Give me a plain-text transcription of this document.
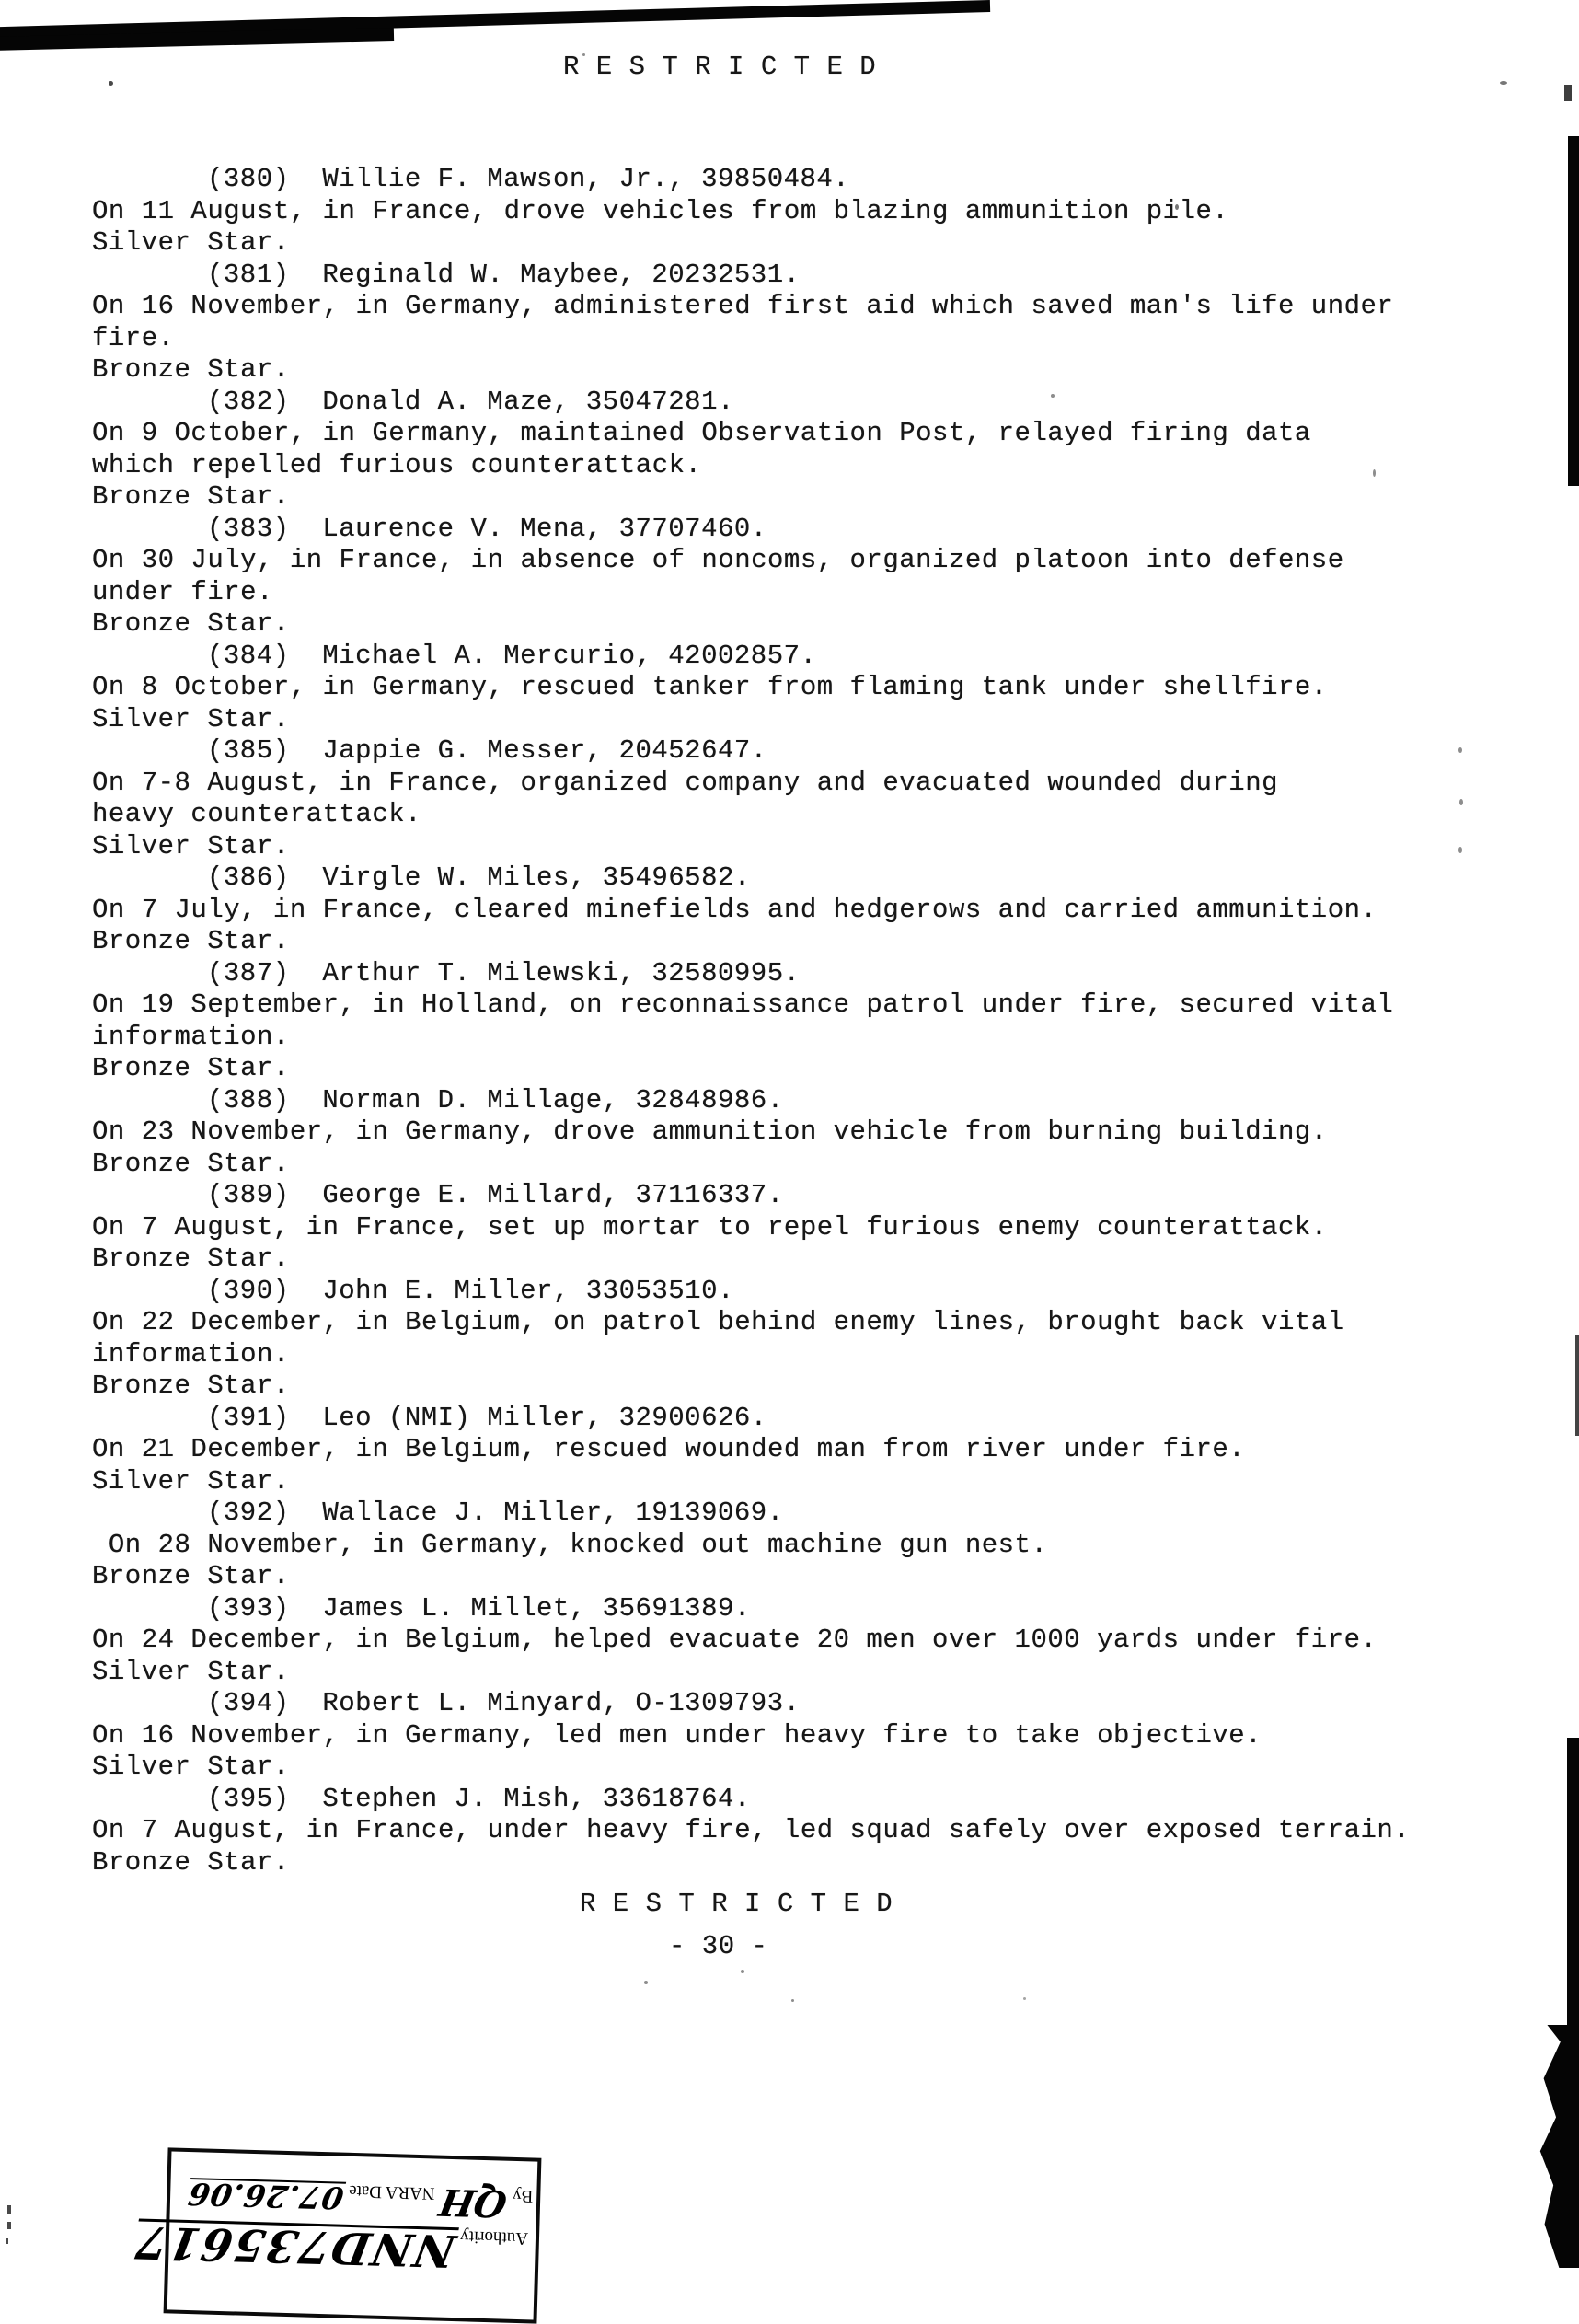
R E S T R I C T E D
(380)  Willie F. Mawson, Jr., 39850484.
On 11 August, in France, drove vehicles from blazing ammunition pile.
Silver Star.
(381)  Reginald W. Maybee, 20232531.
On 16 November, in Germany, administered first aid which saved man's life under
fire.
Bronze Star.
(382)  Donald A. Maze, 35047281.
On 9 October, in Germany, maintained Observation Post, relayed firing data
which repelled furious counterattack.
Bronze Star.
(383)  Laurence V. Mena, 37707460.
On 30 July, in France, in absence of noncoms, organized platoon into defense
under fire.
Bronze Star.
(384)  Michael A. Mercurio, 42002857.
On 8 October, in Germany, rescued tanker from flaming tank under shellfire.
Silver Star.
(385)  Jappie G. Messer, 20452647.
On 7-8 August, in France, organized company and evacuated wounded during
heavy counterattack.
Silver Star.
(386)  Virgle W. Miles, 35496582.
On 7 July, in France, cleared minefields and hedgerows and carried ammunition.
Bronze Star.
(387)  Arthur T. Milewski, 32580995.
On 19 September, in Holland, on reconnaissance patrol under fire, secured vital
information.
Bronze Star.
(388)  Norman D. Millage, 32848986.
On 23 November, in Germany, drove ammunition vehicle from burning building.
Bronze Star.
(389)  George E. Millard, 37116337.
On 7 August, in France, set up mortar to repel furious enemy counterattack.
Bronze Star.
(390)  John E. Miller, 33053510.
On 22 December, in Belgium, on patrol behind enemy lines, brought back vital
information.
Bronze Star.
(391)  Leo (NMI) Miller, 32900626.
On 21 December, in Belgium, rescued wounded man from river under fire.
Silver Star.
(392)  Wallace J. Miller, 19139069.
On 28 November, in Germany, knocked out machine gun nest.
Bronze Star.
(393)  James L. Millet, 35691389.
On 24 December, in Belgium, helped evacuate 20 men over 1000 yards under fire.
Silver Star.
(394)  Robert L. Minyard, O-1309793.
On 16 November, in Germany, led men under heavy fire to take objective.
Silver Star.
(395)  Stephen J. Mish, 33618764.
On 7 August, in France, under heavy fire, led squad safely over exposed terrain.
Bronze Star.
R E S T R I C T E D
- 30 -
Authority
NND735617
By
QH
NARA Date
07.26.06
